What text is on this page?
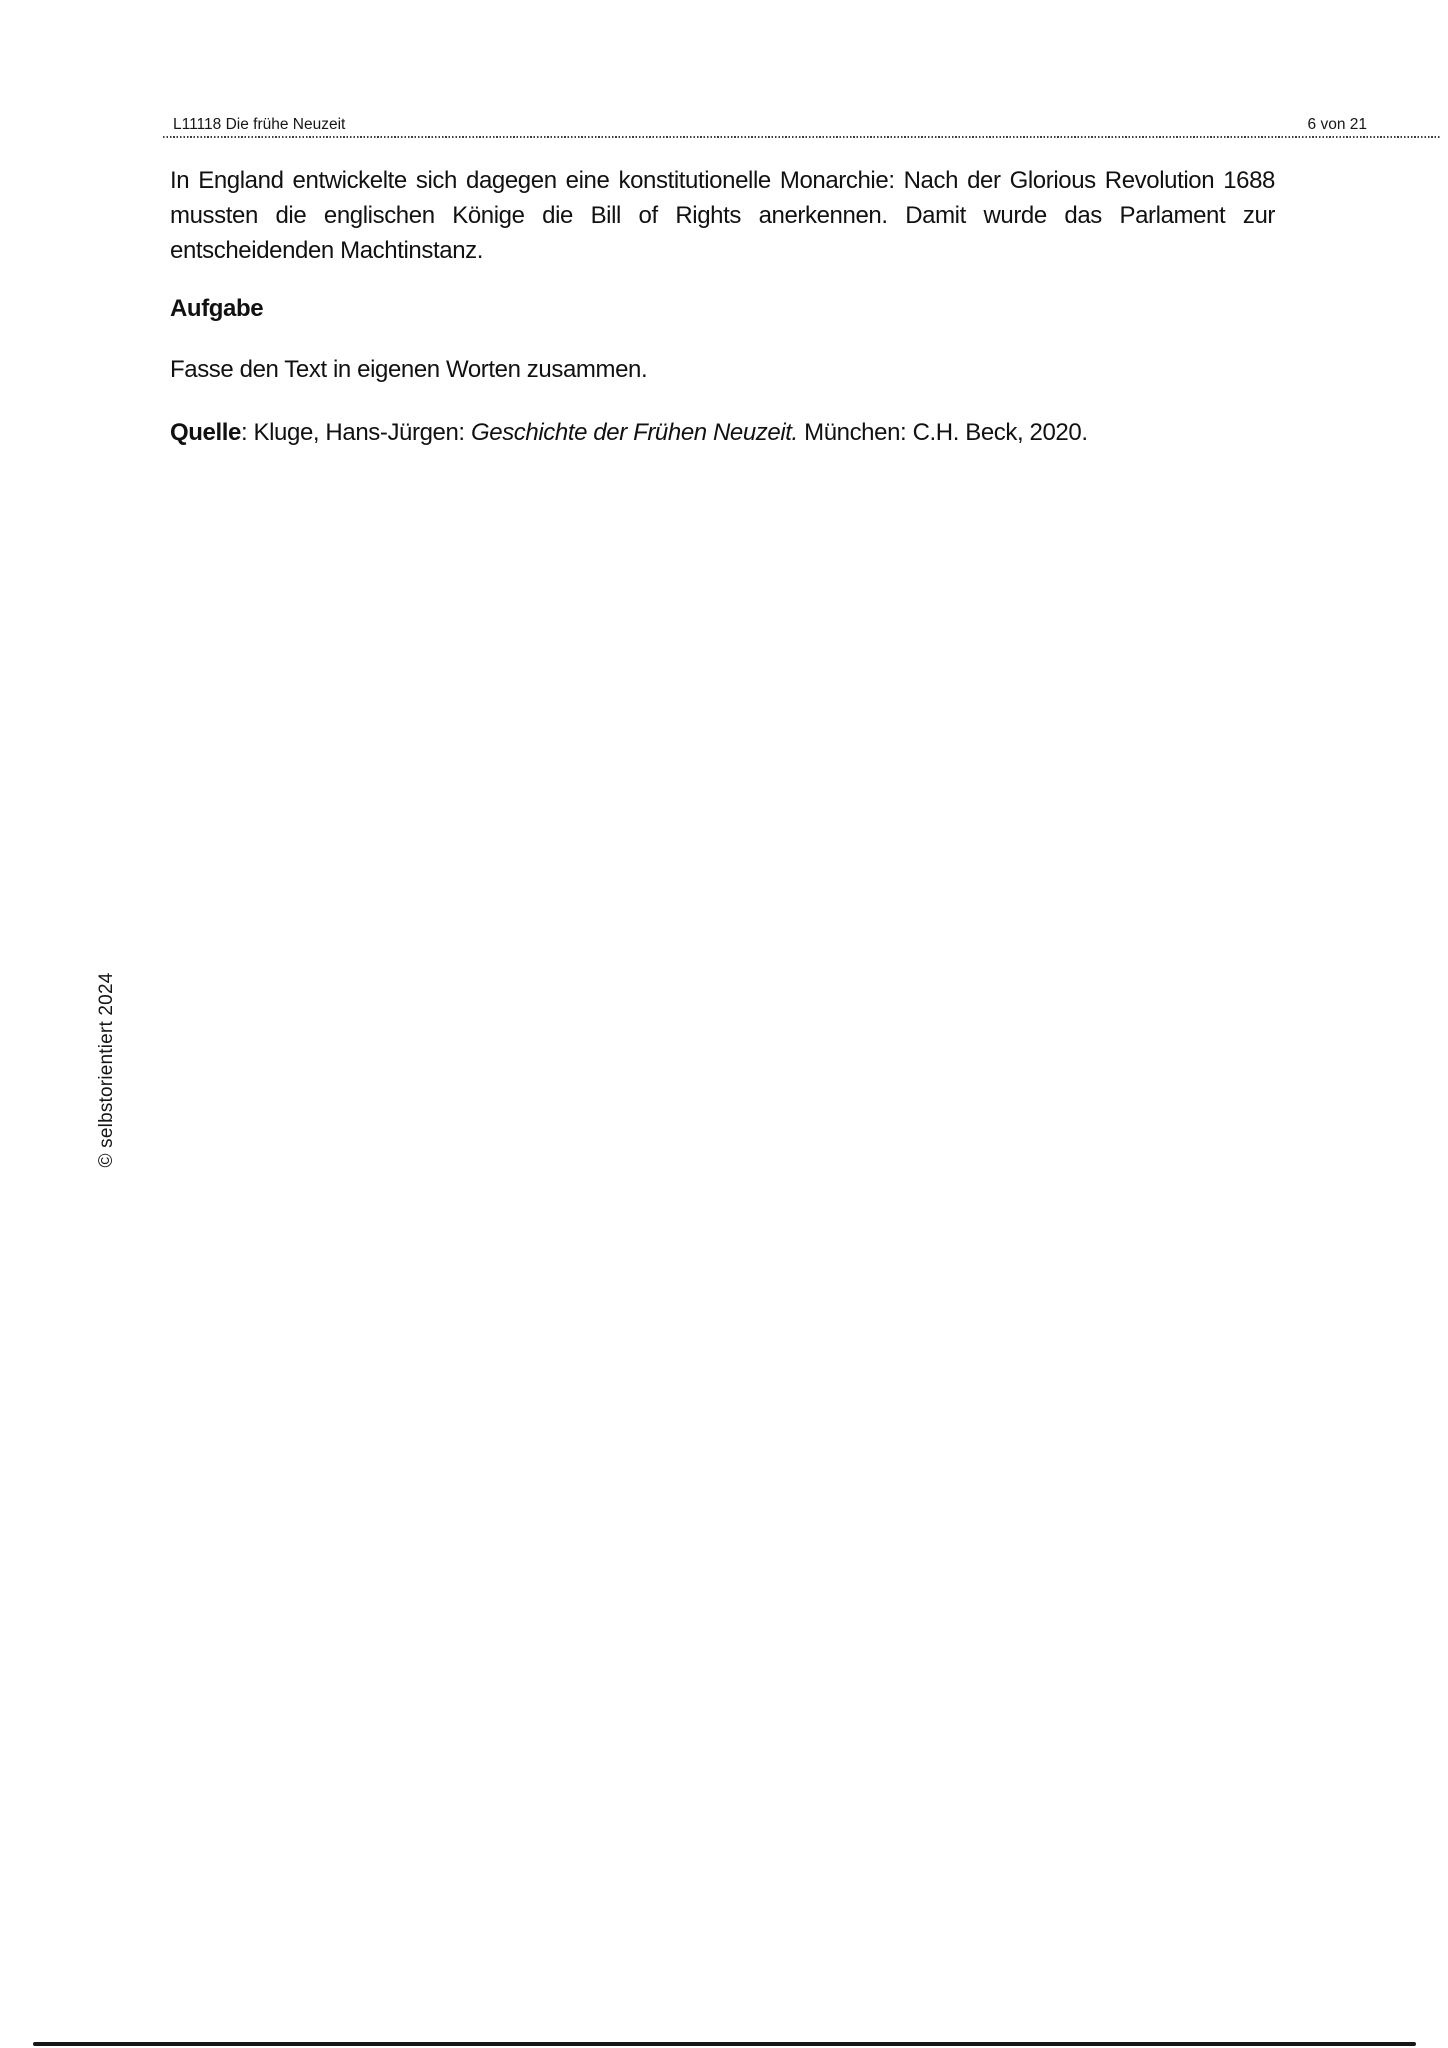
L11118 Die frühe Neuzeit	6 von 21

In England entwickelte sich dagegen eine konstitutionelle Monarchie: Nach der Glorious Revolution 1688
mussten die englischen Könige die Bill of Rights anerkennen. Damit wurde das Parlament zur
entscheidenden Machtinstanz.

Aufgabe

Fasse den Text in eigenen Worten zusammen.

Quelle: Kluge, Hans-Jürgen: Geschichte der Frühen Neuzeit. München: C.H. Beck, 2020.

© selbstorientiert 2024
